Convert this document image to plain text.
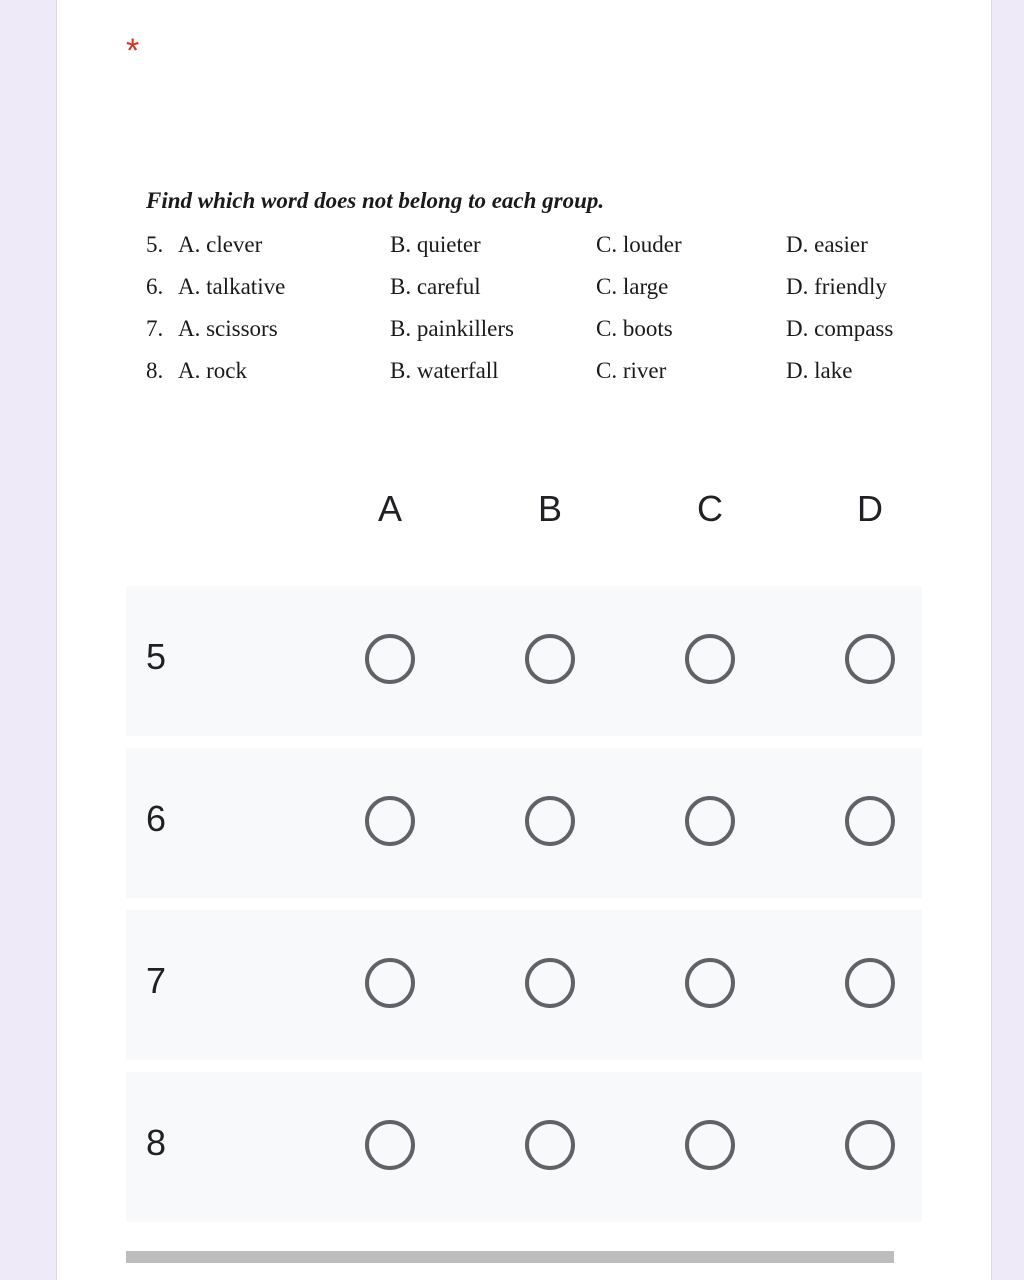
*
Find which word does not belong to each group.
5. A. clever	B. quieter	C. louder	D. easier
6. A. talkative	B. careful	C. large	D. friendly
7. A. scissors	B. painkillers	C. boots	D. compass
8. A. rock	B. waterfall	C. river	D. lake
A	B	C	D
5
6
7
8
